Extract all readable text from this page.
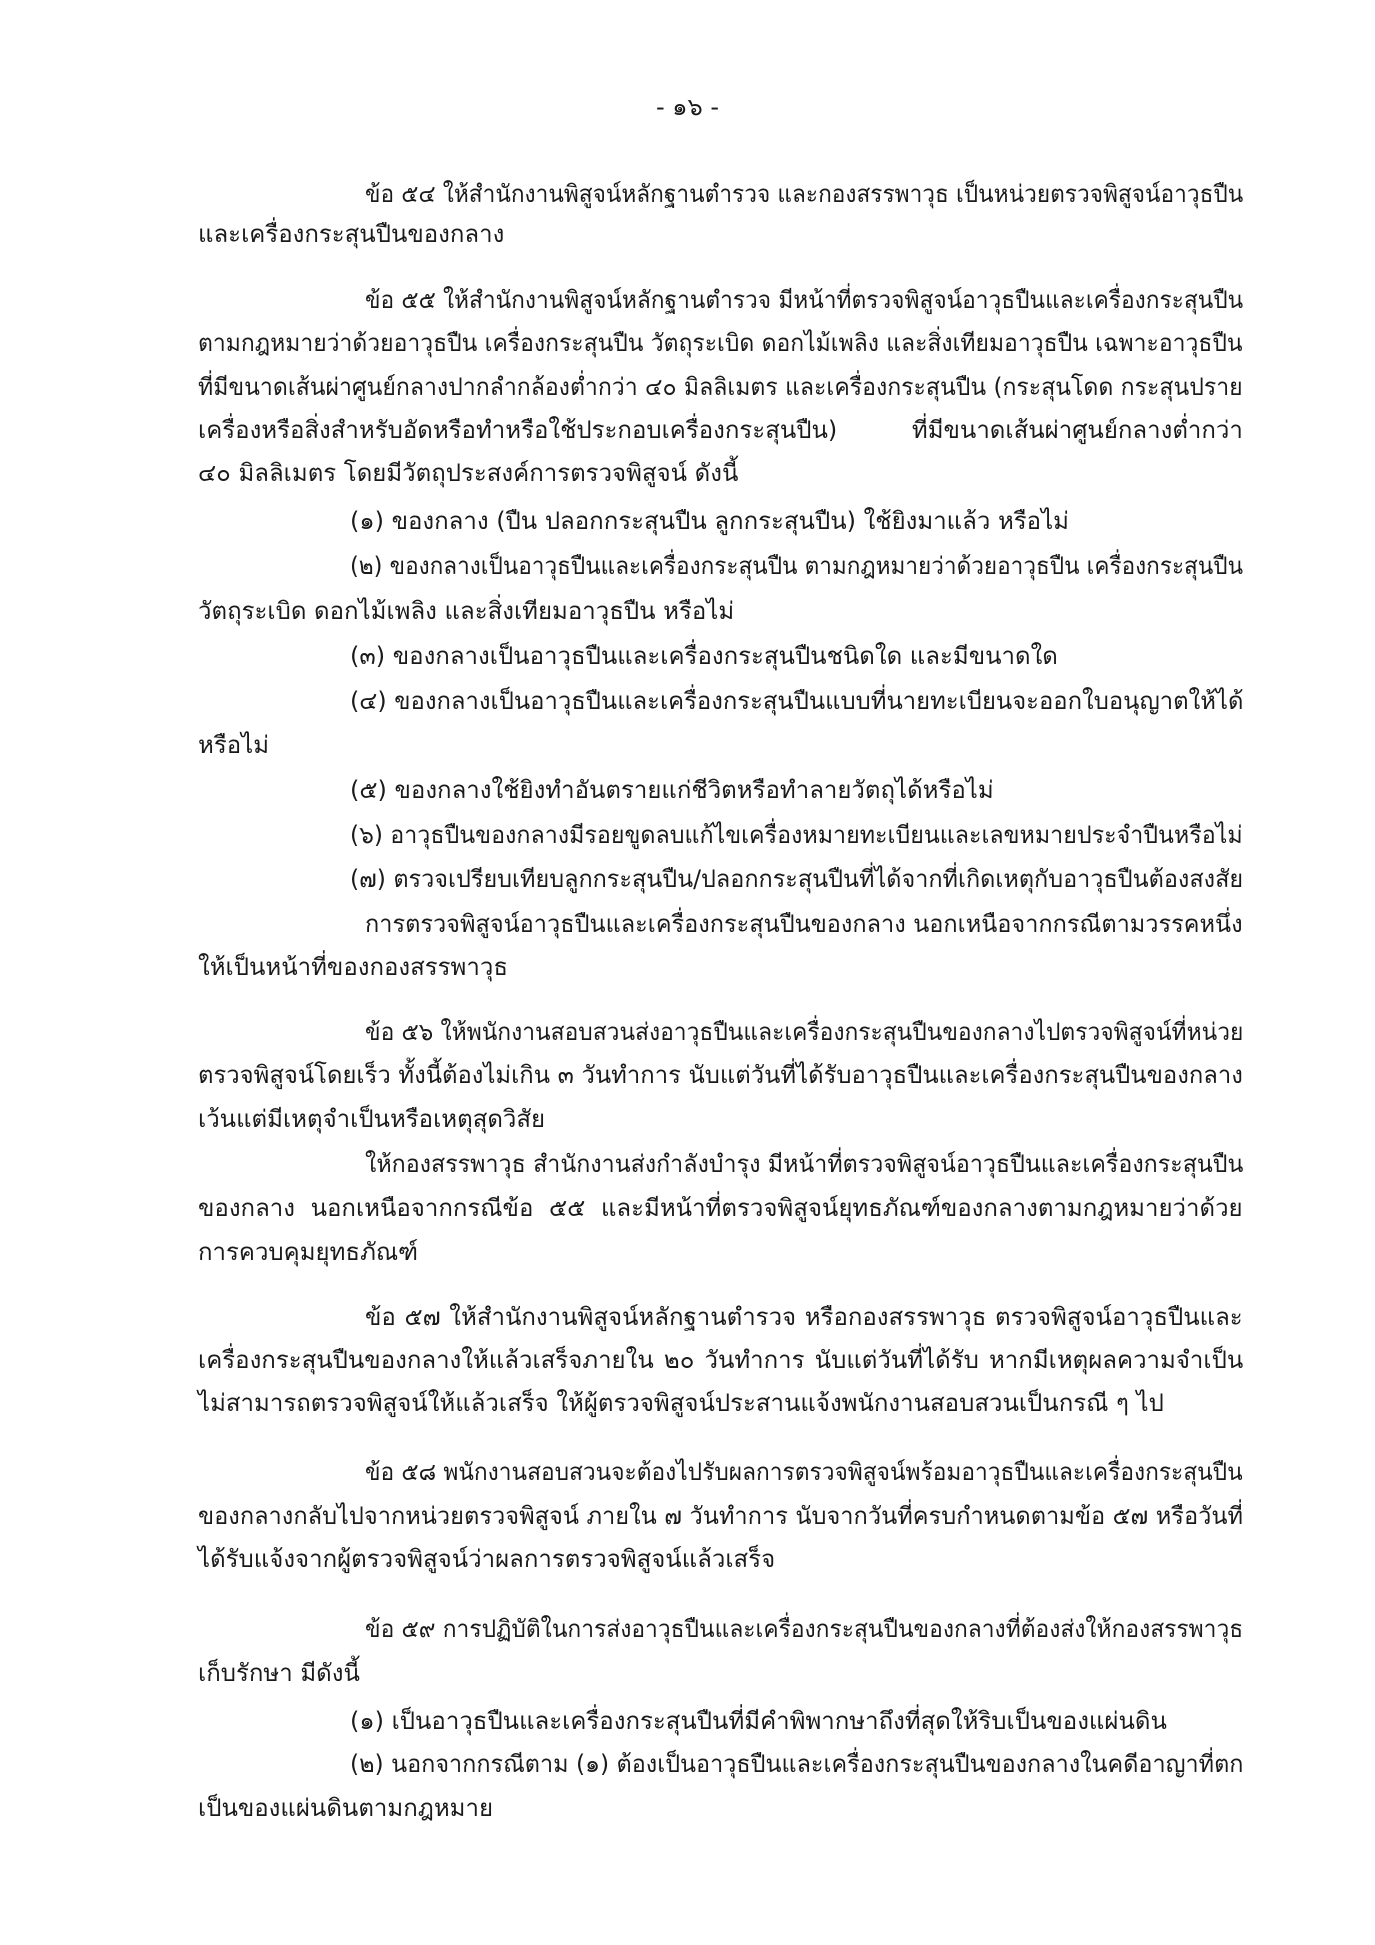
- ๑๖ -
ข้อ ๕๔ ให้สำนักงานพิสูจน์หลักฐานตำรวจ และกองสรรพาวุธ เป็นหน่วยตรวจพิสูจน์อาวุธปืน
และเครื่องกระสุนปืนของกลาง
ข้อ ๕๕ ให้สำนักงานพิสูจน์หลักฐานตำรวจ มีหน้าที่ตรวจพิสูจน์อาวุธปืนและเครื่องกระสุนปืน
ตามกฎหมายว่าด้วยอาวุธปืน เครื่องกระสุนปืน วัตถุระเบิด ดอกไม้เพลิง และสิ่งเทียมอาวุธปืน เฉพาะอาวุธปืน
ที่มีขนาดเส้นผ่าศูนย์กลางปากลำกล้องต่ำกว่า ๔๐ มิลลิเมตร และเครื่องกระสุนปืน (กระสุนโดด กระสุนปราย
เครื่องหรือสิ่งสำหรับอัดหรือทำหรือใช้ประกอบเครื่องกระสุนปืน) ที่มีขนาดเส้นผ่าศูนย์กลางต่ำกว่า
๔๐ มิลลิเมตร โดยมีวัตถุประสงค์การตรวจพิสูจน์ ดังนี้
(๑) ของกลาง (ปืน ปลอกกระสุนปืน ลูกกระสุนปืน) ใช้ยิงมาแล้ว หรือไม่
(๒) ของกลางเป็นอาวุธปืนและเครื่องกระสุนปืน ตามกฎหมายว่าด้วยอาวุธปืน เครื่องกระสุนปืน
วัตถุระเบิด ดอกไม้เพลิง และสิ่งเทียมอาวุธปืน หรือไม่
(๓) ของกลางเป็นอาวุธปืนและเครื่องกระสุนปืนชนิดใด และมีขนาดใด
(๔) ของกลางเป็นอาวุธปืนและเครื่องกระสุนปืนแบบที่นายทะเบียนจะออกใบอนุญาตให้ได้
หรือไม่
(๕) ของกลางใช้ยิงทำอันตรายแก่ชีวิตหรือทำลายวัตถุได้หรือไม่
(๖) อาวุธปืนของกลางมีรอยขูดลบแก้ไขเครื่องหมายทะเบียนและเลขหมายประจำปืนหรือไม่
(๗) ตรวจเปรียบเทียบลูกกระสุนปืน/ปลอกกระสุนปืนที่ได้จากที่เกิดเหตุกับอาวุธปืนต้องสงสัย
การตรวจพิสูจน์อาวุธปืนและเครื่องกระสุนปืนของกลาง นอกเหนือจากกรณีตามวรรคหนึ่ง
ให้เป็นหน้าที่ของกองสรรพาวุธ
ข้อ ๕๖ ให้พนักงานสอบสวนส่งอาวุธปืนและเครื่องกระสุนปืนของกลางไปตรวจพิสูจน์ที่หน่วย
ตรวจพิสูจน์โดยเร็ว ทั้งนี้ต้องไม่เกิน ๓ วันทำการ นับแต่วันที่ได้รับอาวุธปืนและเครื่องกระสุนปืนของกลาง
เว้นแต่มีเหตุจำเป็นหรือเหตุสุดวิสัย
ให้กองสรรพาวุธ สำนักงานส่งกำลังบำรุง มีหน้าที่ตรวจพิสูจน์อาวุธปืนและเครื่องกระสุนปืน
ของกลาง นอกเหนือจากกรณีข้อ ๕๕ และมีหน้าที่ตรวจพิสูจน์ยุทธภัณฑ์ของกลางตามกฎหมายว่าด้วย
การควบคุมยุทธภัณฑ์
ข้อ ๕๗ ให้สำนักงานพิสูจน์หลักฐานตำรวจ หรือกองสรรพาวุธ ตรวจพิสูจน์อาวุธปืนและ
เครื่องกระสุนปืนของกลางให้แล้วเสร็จภายใน ๒๐ วันทำการ นับแต่วันที่ได้รับ หากมีเหตุผลความจำเป็น
ไม่สามารถตรวจพิสูจน์ให้แล้วเสร็จ ให้ผู้ตรวจพิสูจน์ประสานแจ้งพนักงานสอบสวนเป็นกรณี ๆ ไป
ข้อ ๕๘ พนักงานสอบสวนจะต้องไปรับผลการตรวจพิสูจน์พร้อมอาวุธปืนและเครื่องกระสุนปืน
ของกลางกลับไปจากหน่วยตรวจพิสูจน์ ภายใน ๗ วันทำการ นับจากวันที่ครบกำหนดตามข้อ ๕๗ หรือวันที่
ได้รับแจ้งจากผู้ตรวจพิสูจน์ว่าผลการตรวจพิสูจน์แล้วเสร็จ
ข้อ ๕๙ การปฏิบัติในการส่งอาวุธปืนและเครื่องกระสุนปืนของกลางที่ต้องส่งให้กองสรรพาวุธ
เก็บรักษา มีดังนี้
(๑) เป็นอาวุธปืนและเครื่องกระสุนปืนที่มีคำพิพากษาถึงที่สุดให้ริบเป็นของแผ่นดิน
(๒) นอกจากกรณีตาม (๑) ต้องเป็นอาวุธปืนและเครื่องกระสุนปืนของกลางในคดีอาญาที่ตก
เป็นของแผ่นดินตามกฎหมาย
